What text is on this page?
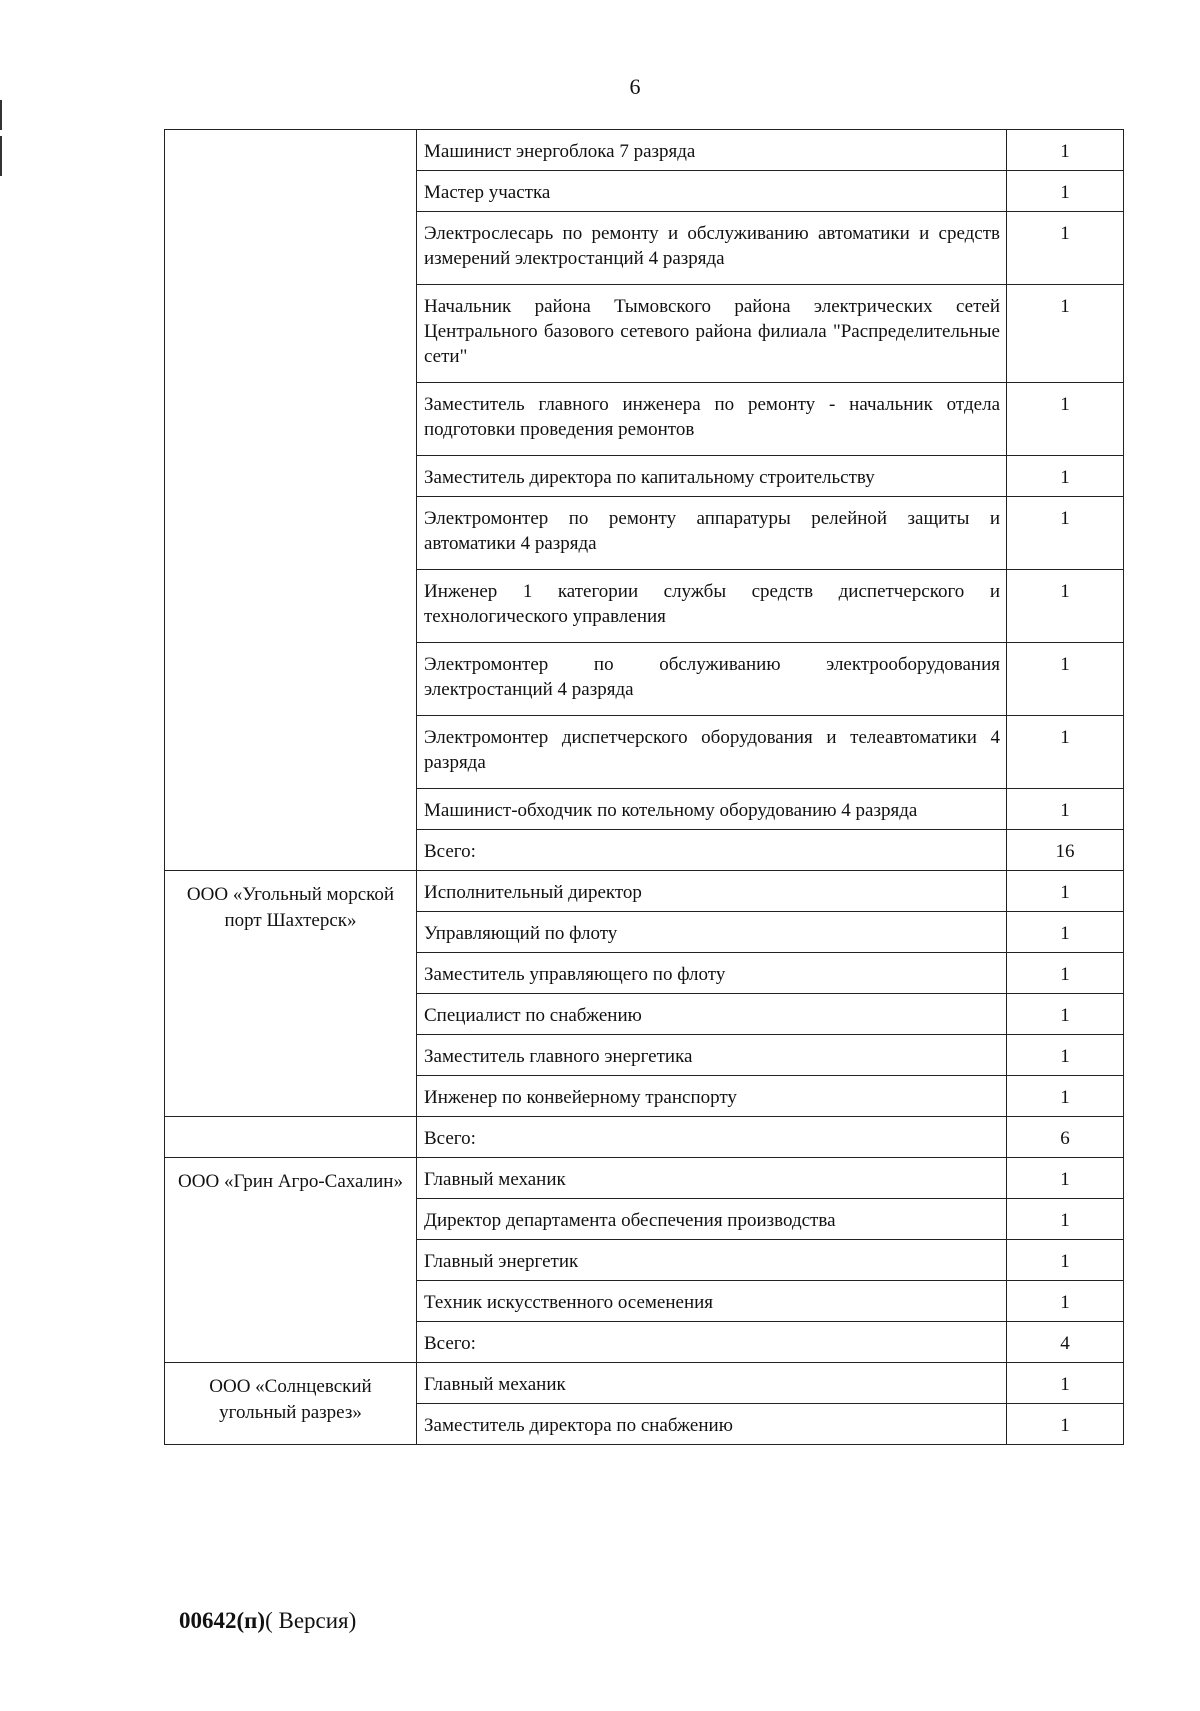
6
	Машинист энергоблока 7 разряда	1
	Мастер участка	1
	Электрослесарь по ремонту и обслуживанию автоматики и средств измерений электростанций 4 разряда	1
	Начальник района Тымовского района электрических сетей Центрального базового сетевого района филиала "Распределительные сети"	1
	Заместитель главного инженера по ремонту - начальник отдела подготовки проведения ремонтов	1
	Заместитель директора по капитальному строительству	1
	Электромонтер по ремонту аппаратуры релейной защиты и автоматики 4 разряда	1
	Инженер 1 категории службы средств диспетчерского и технологического управления	1
	Электромонтер по обслуживанию электрооборудования электростанций 4 разряда	1
	Электромонтер диспетчерского оборудования и телеавтоматики 4 разряда	1
	Машинист-обходчик по котельному оборудованию 4 разряда	1
	Всего:	16
ООО «Угольный морской порт Шахтерск»	Исполнительный директор	1
	Управляющий по флоту	1
	Заместитель управляющего по флоту	1
	Специалист по снабжению	1
	Заместитель главного энергетика	1
	Инженер по конвейерному транспорту	1
	Всего:	6
ООО «Грин Агро-Сахалин»	Главный механик	1
	Директор департамента обеспечения производства	1
	Главный энергетик	1
	Техник искусственного осеменения	1
	Всего:	4
ООО «Солнцевский угольный разрез»	Главный механик	1
	Заместитель директора по снабжению	1
00642(п)( Версия)
